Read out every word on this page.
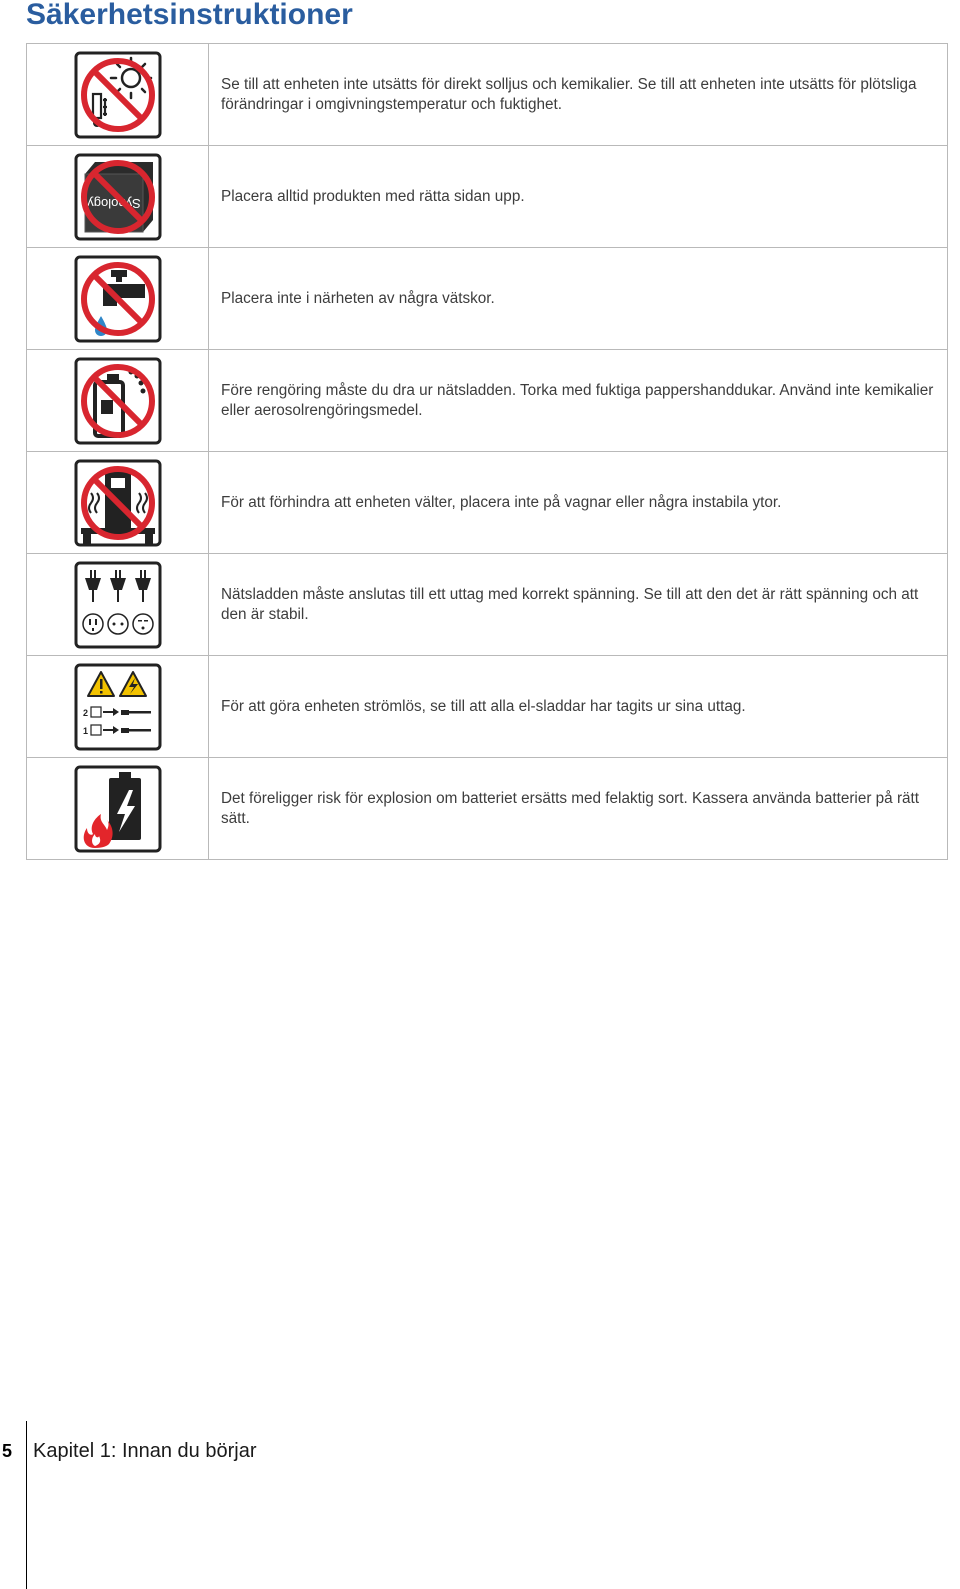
Säkerhetsinstruktioner
	Se till att enheten inte utsätts för direkt solljus och kemikalier. Se till att enheten inte utsätts för plötsliga förändringar i omgivningstemperatur och fuktighet.

Synology	Placera alltid produkten med rätta sidan upp.

	Placera inte i närheten av några vätskor.

	Före rengöring måste du dra ur nätsladden. Torka med fuktiga pappershanddukar. Använd inte kemikalier eller aerosolrengöringsmedel.

	För att förhindra att enheten välter, placera inte på vagnar eller några instabila ytor.

	Nätsladden måste anslutas till ett uttag med korrekt spänning. Se till att den det är rätt spänning och att den är stabil.

2
1	För att göra enheten strömlös, se till att alla el-sladdar har tagits ur sina uttag.

	Det föreligger risk för explosion om batteriet ersätts med felaktig sort. Kassera använda batterier på rätt sätt.
5 Kapitel 1: Innan du börjar
